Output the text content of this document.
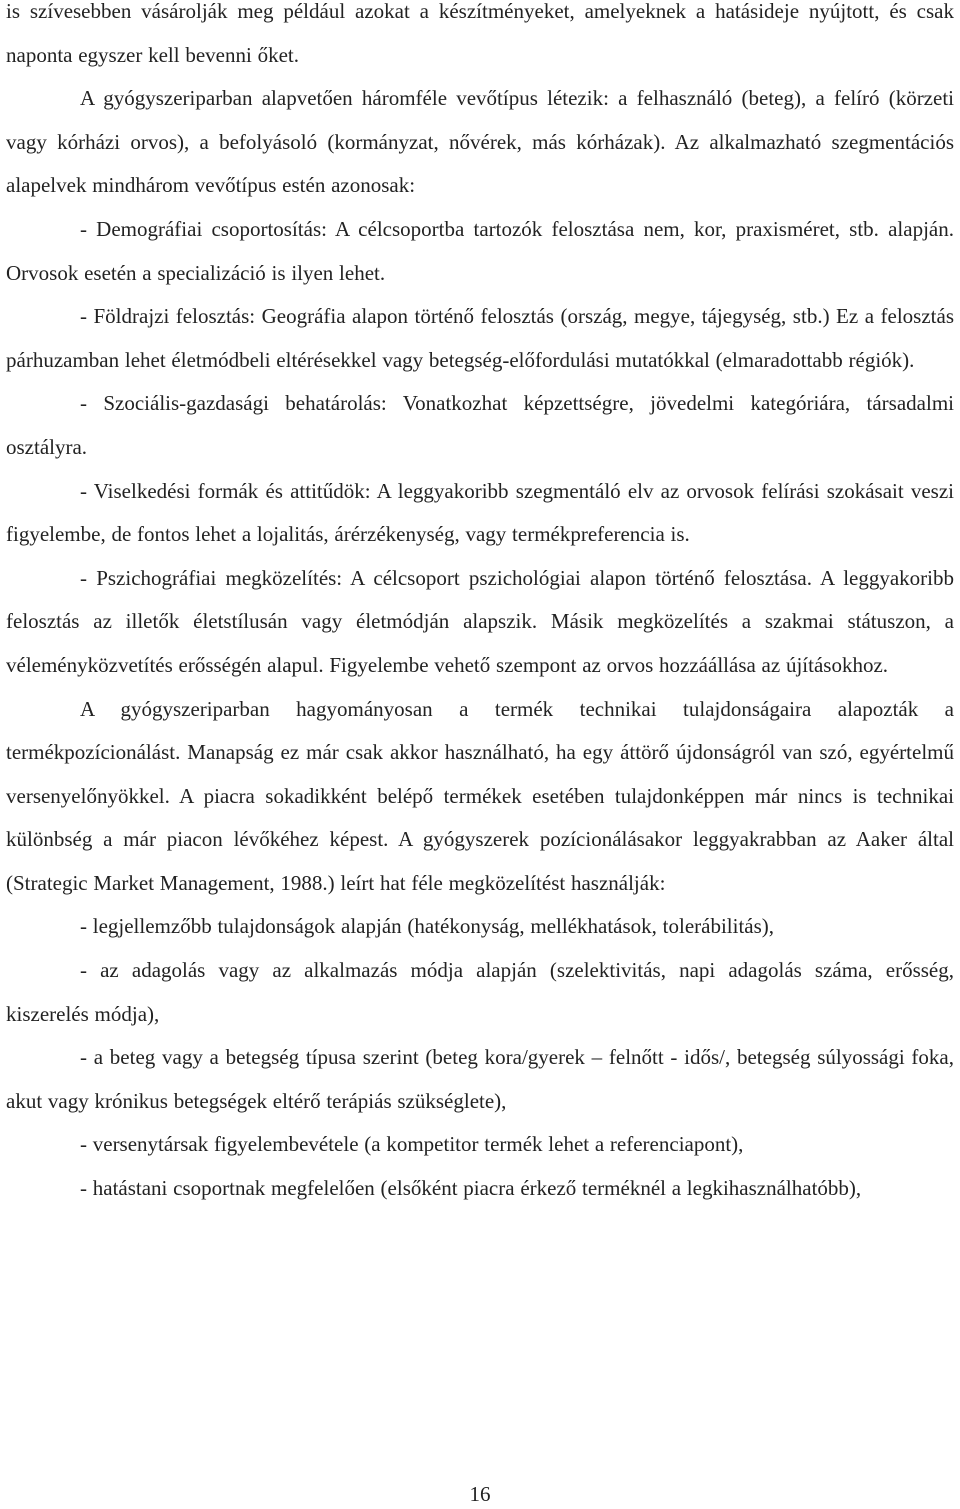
is szívesebben vásárolják meg például azokat a készítményeket, amelyeknek a hatásideje nyújtott, és csak naponta egyszer kell bevenni őket.

A gyógyszeriparban alapvetően háromféle vevőtípus létezik: a felhasználó (beteg), a felíró (körzeti vagy kórházi orvos), a befolyásoló (kormányzat, nővérek, más kórházak). Az alkalmazható szegmentációs alapelvek mindhárom vevőtípus estén azonosak:

- Demográfiai csoportosítás: A célcsoportba tartozók felosztása nem, kor, praxisméret, stb. alapján. Orvosok esetén a specializáció is ilyen lehet.

- Földrajzi felosztás: Geográfia alapon történő felosztás (ország, megye, tájegység, stb.) Ez a felosztás párhuzamban lehet életmódbeli eltérésekkel vagy betegség-előfordulási mutatókkal (elmaradottabb régiók).

- Szociális-gazdasági behatárolás: Vonatkozhat képzettségre, jövedelmi kategóriára, társadalmi osztályra.

- Viselkedési formák és attitűdök: A leggyakoribb szegmentáló elv az orvosok felírási szokásait veszi figyelembe, de fontos lehet a lojalitás, árérzékenység, vagy termékpreferencia is.

- Pszichográfiai megközelítés: A célcsoport pszichológiai alapon történő felosztása. A leggyakoribb felosztás az illetők életstílusán vagy életmódján alapszik. Másik megközelítés a szakmai státuszon, a véleményközvetítés erősségén alapul. Figyelembe vehető szempont az orvos hozzáállása az újításokhoz.

A gyógyszeriparban hagyományosan a termék technikai tulajdonságaira alapozták a termékpozícionálást. Manapság ez már csak akkor használható, ha egy áttörő újdonságról van szó, egyértelmű versenyelőnyökkel. A piacra sokadikként belépő termékek esetében tulajdonképpen már nincs is technikai különbség a már piacon lévőkéhez képest. A gyógyszerek pozícionálásakor leggyakrabban az Aaker által (Strategic Market Management, 1988.) leírt hat féle megközelítést használják:

- legjellemzőbb tulajdonságok alapján (hatékonyság, mellékhatások, tolerábilitás),

- az adagolás vagy az alkalmazás módja alapján (szelektivitás, napi adagolás száma, erősség, kiszerelés módja),

- a beteg vagy a betegség típusa szerint (beteg kora/gyerek – felnőtt - idős/, betegség súlyossági foka, akut vagy krónikus betegségek eltérő terápiás szükséglete),

- versenytársak figyelembevétele (a kompetitor termék lehet a referenciapont),

- hatástani csoportnak megfelelően (elsőként piacra érkező terméknél a legkihasználhatóbb),

16
